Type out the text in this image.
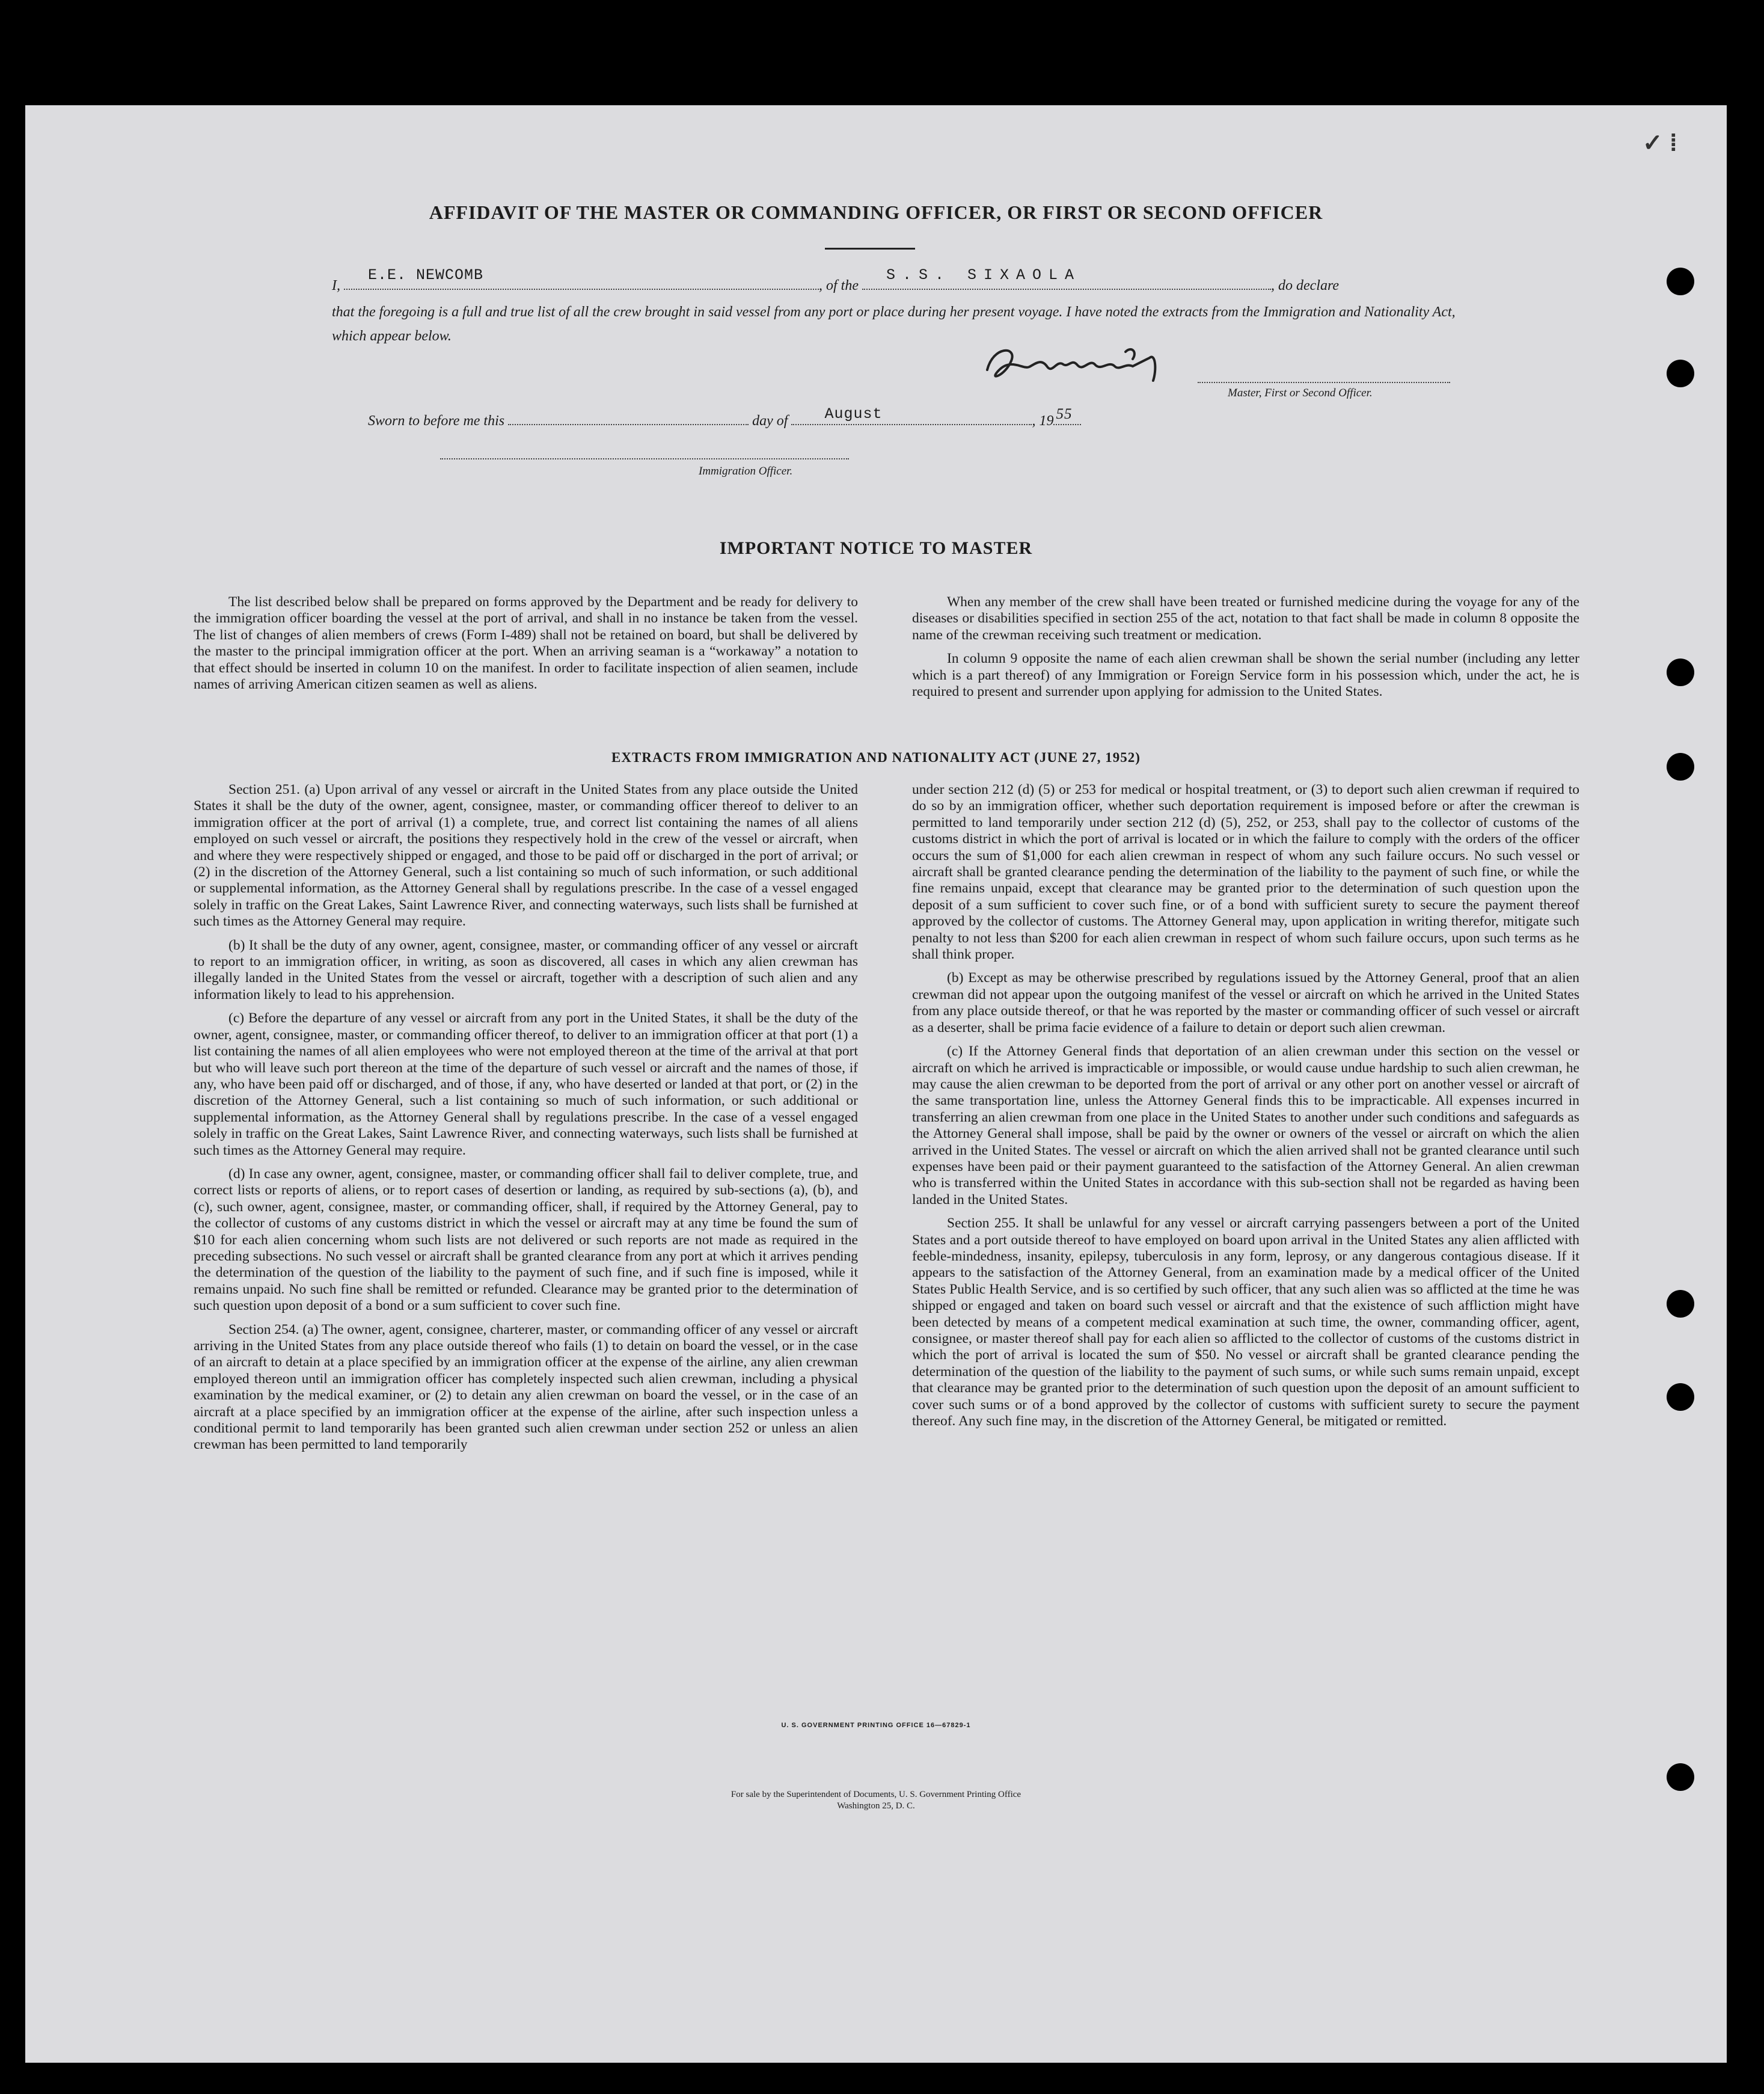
✓ ⁞
AFFIDAVIT OF THE MASTER OR COMMANDING OFFICER, OR FIRST OR SECOND OFFICER
I,
E.E. NEWCOMB
, of the
S.S. SIXAOLA
, do declare
that the foregoing is a full and true list of all the crew brought in said vessel from any port or place during her present voyage. I have noted the extracts from the Immigration and Nationality Act, which appear below.
Master, First or Second Officer.
Sworn to before me this	day of August	, 19 55
Immigration Officer.
IMPORTANT NOTICE TO MASTER

The list described below shall be prepared on forms approved by the Department and be ready for delivery to the immigration officer boarding the vessel at the port of arrival, and shall in no instance be taken from the vessel. The list of changes of alien members of crews (Form I-489) shall not be retained on board, but shall be delivered by the master to the principal immigration officer at the port. When an arriving seaman is a “workaway” a notation to that effect should be inserted in column 10 on the manifest. In order to facilitate inspection of alien seamen, include names of arriving American citizen seamen as well as aliens.

When any member of the crew shall have been treated or furnished medicine during the voyage for any of the diseases or disabilities specified in section 255 of the act, notation to that fact shall be made in column 8 opposite the name of the crewman receiving such treatment or medication.

In column 9 opposite the name of each alien crewman shall be shown the serial number (including any letter which is a part thereof) of any Immigration or Foreign Service form in his possession which, under the act, he is required to present and surrender upon applying for admission to the United States.

EXTRACTS FROM IMMIGRATION AND NATIONALITY ACT (JUNE 27, 1952)

Section 251. (a) Upon arrival of any vessel or aircraft in the United States from any place outside the United States it shall be the duty of the owner, agent, consignee, master, or commanding officer thereof to deliver to an immigration officer at the port of arrival (1) a complete, true, and correct list containing the names of all aliens employed on such vessel or aircraft, the positions they respectively hold in the crew of the vessel or aircraft, when and where they were respectively shipped or engaged, and those to be paid off or discharged in the port of arrival; or (2) in the discretion of the Attorney General, such a list containing so much of such information, or such additional or supplemental information, as the Attorney General shall by regulations prescribe. In the case of a vessel engaged solely in traffic on the Great Lakes, Saint Lawrence River, and connecting waterways, such lists shall be furnished at such times as the Attorney General may require.

(b) It shall be the duty of any owner, agent, consignee, master, or commanding officer of any vessel or aircraft to report to an immigration officer, in writing, as soon as discovered, all cases in which any alien crewman has illegally landed in the United States from the vessel or aircraft, together with a description of such alien and any information likely to lead to his apprehension.

(c) Before the departure of any vessel or aircraft from any port in the United States, it shall be the duty of the owner, agent, consignee, master, or commanding officer thereof, to deliver to an immigration officer at that port (1) a list containing the names of all alien employees who were not employed thereon at the time of the arrival at that port but who will leave such port thereon at the time of the departure of such vessel or aircraft and the names of those, if any, who have been paid off or discharged, and of those, if any, who have deserted or landed at that port, or (2) in the discretion of the Attorney General, such a list containing so much of such information, or such additional or supplemental information, as the Attorney General shall by regulations prescribe. In the case of a vessel engaged solely in traffic on the Great Lakes, Saint Lawrence River, and connecting waterways, such lists shall be furnished at such times as the Attorney General may require.

(d) In case any owner, agent, consignee, master, or commanding officer shall fail to deliver complete, true, and correct lists or reports of aliens, or to report cases of desertion or landing, as required by sub-sections (a), (b), and (c), such owner, agent, consignee, master, or commanding officer, shall, if required by the Attorney General, pay to the collector of customs of any customs district in which the vessel or aircraft may at any time be found the sum of $10 for each alien concerning whom such lists are not delivered or such reports are not made as required in the preceding subsections. No such vessel or aircraft shall be granted clearance from any port at which it arrives pending the determination of the question of the liability to the payment of such fine, and if such fine is imposed, while it remains unpaid. No such fine shall be remitted or refunded. Clearance may be granted prior to the determination of such question upon deposit of a bond or a sum sufficient to cover such fine.

Section 254. (a) The owner, agent, consignee, charterer, master, or commanding officer of any vessel or aircraft arriving in the United States from any place outside thereof who fails (1) to detain on board the vessel, or in the case of an aircraft to detain at a place specified by an immigration officer at the expense of the airline, any alien crewman employed thereon until an immigration officer has completely inspected such alien crewman, including a physical examination by the medical examiner, or (2) to detain any alien crewman on board the vessel, or in the case of an aircraft at a place specified by an immigration officer at the expense of the airline, after such inspection unless a conditional permit to land temporarily has been granted such alien crewman under section 252 or unless an alien crewman has been permitted to land temporarily

under section 212 (d) (5) or 253 for medical or hospital treatment, or (3) to deport such alien crewman if required to do so by an immigration officer, whether such deportation requirement is imposed before or after the crewman is permitted to land temporarily under section 212 (d) (5), 252, or 253, shall pay to the collector of customs of the customs district in which the port of arrival is located or in which the failure to comply with the orders of the officer occurs the sum of $1,000 for each alien crewman in respect of whom any such failure occurs. No such vessel or aircraft shall be granted clearance pending the determination of the liability to the payment of such fine, or while the fine remains unpaid, except that clearance may be granted prior to the determination of such question upon the deposit of a sum sufficient to cover such fine, or of a bond with sufficient surety to secure the payment thereof approved by the collector of customs. The Attorney General may, upon application in writing therefor, mitigate such penalty to not less than $200 for each alien crewman in respect of whom such failure occurs, upon such terms as he shall think proper.

(b) Except as may be otherwise prescribed by regulations issued by the Attorney General, proof that an alien crewman did not appear upon the outgoing manifest of the vessel or aircraft on which he arrived in the United States from any place outside thereof, or that he was reported by the master or commanding officer of such vessel or aircraft as a deserter, shall be prima facie evidence of a failure to detain or deport such alien crewman.

(c) If the Attorney General finds that deportation of an alien crewman under this section on the vessel or aircraft on which he arrived is impracticable or impossible, or would cause undue hardship to such alien crewman, he may cause the alien crewman to be deported from the port of arrival or any other port on another vessel or aircraft of the same transportation line, unless the Attorney General finds this to be impracticable. All expenses incurred in transferring an alien crewman from one place in the United States to another under such conditions and safeguards as the Attorney General shall impose, shall be paid by the owner or owners of the vessel or aircraft on which the alien arrived in the United States. The vessel or aircraft on which the alien arrived shall not be granted clearance until such expenses have been paid or their payment guaranteed to the satisfaction of the Attorney General. An alien crewman who is transferred within the United States in accordance with this sub-section shall not be regarded as having been landed in the United States.

Section 255. It shall be unlawful for any vessel or aircraft carrying passengers between a port of the United States and a port outside thereof to have employed on board upon arrival in the United States any alien afflicted with feeble-mindedness, insanity, epilepsy, tuberculosis in any form, leprosy, or any dangerous contagious disease. If it appears to the satisfaction of the Attorney General, from an examination made by a medical officer of the United States Public Health Service, and is so certified by such officer, that any such alien was so afflicted at the time he was shipped or engaged and taken on board such vessel or aircraft and that the existence of such affliction might have been detected by means of a competent medical examination at such time, the owner, commanding officer, agent, consignee, or master thereof shall pay for each alien so afflicted to the collector of customs of the customs district in which the port of arrival is located the sum of $50. No vessel or aircraft shall be granted clearance pending the determination of the question of the liability to the payment of such sums, or while such sums remain unpaid, except that clearance may be granted prior to the determination of such question upon the deposit of an amount sufficient to cover such sums or of a bond approved by the collector of customs with sufficient surety to secure the payment thereof. Any such fine may, in the discretion of the Attorney General, be mitigated or remitted.

U. S. GOVERNMENT PRINTING OFFICE 16—67829-1
For sale by the Superintendent of Documents, U. S. Government Printing Office
Washington 25, D. C.
